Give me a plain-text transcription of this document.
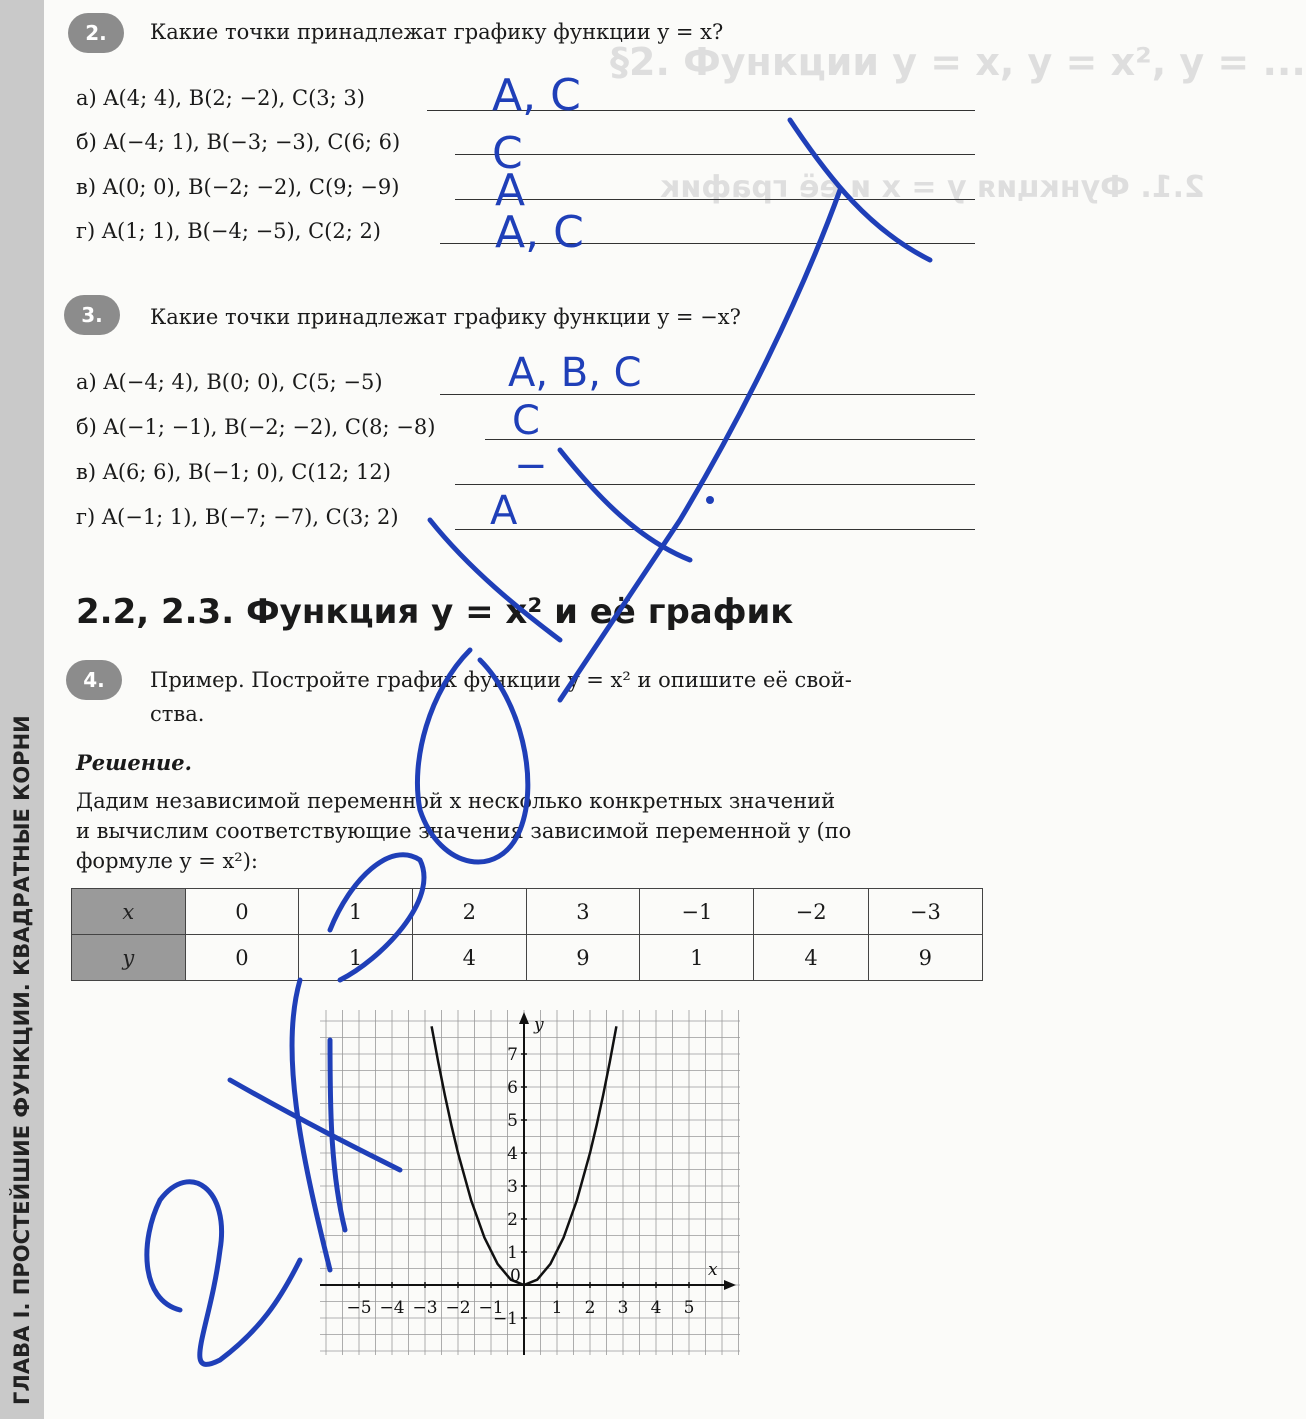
ГЛАВА I. ПРОСТЕЙШИЕ ФУНКЦИИ. КВАДРАТНЫЕ КОРНИ
§2. Функции y = x, y = x², y = ...
2.1. Функция y = x и её график
2.	Какие точки принадлежат графику функции y = x?
а) A(4; 4), B(2; −2), C(3; 3)
б) A(−4; 1), B(−3; −3), C(6; 6)
в) A(0; 0), B(−2; −2), C(9; −9)
г) A(1; 1), B(−4; −5), C(2; 2)
A, C
C
A
A, C
3.	Какие точки принадлежат графику функции y = −x?
а) A(−4; 4), B(0; 0), C(5; −5)
б) A(−1; −1), B(−2; −2), C(8; −8)
в) A(6; 6), B(−1; 0), C(12; 12)
г) A(−1; 1), B(−7; −7), C(3; 2)
A, B, C
C
−
A
2.2, 2.3. Функция y = x² и её график
4.	Пример. Постройте график функции y = x² и опишите её свой-
ства.
Решение.
Дадим независимой переменной x несколько конкретных значений
и вычислим соответствующие значения зависимой переменной y (по
формуле y = x²):
x	0	1	2	3	−1	−2	−3
y	0	1	4	9	1	4	9
−5 −4 −3 −2 −1	1 2 3 4 5
−1
1
2
3
4
5
6
7
0	x
y
